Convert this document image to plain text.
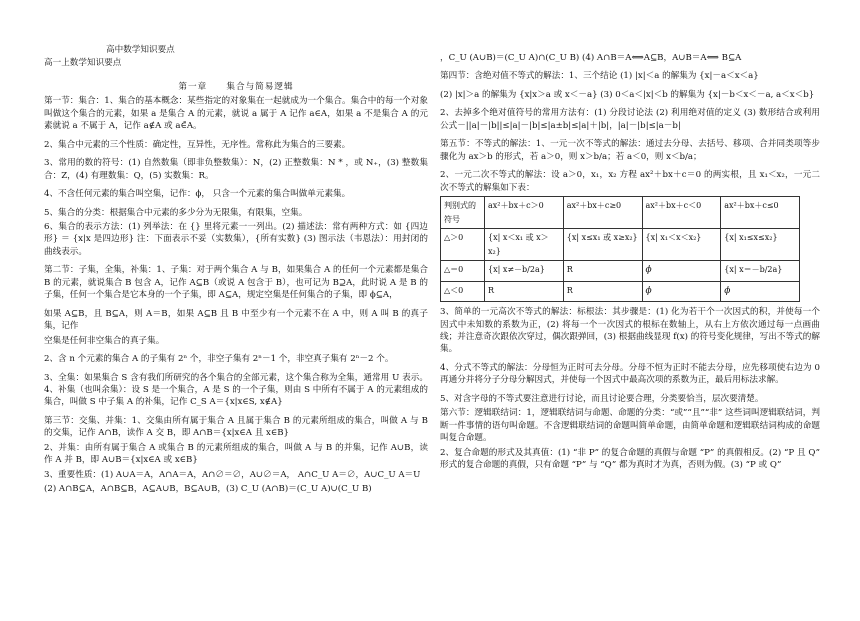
高中数学知识要点
高一上数学知识要点
第一章　　集合与简易逻辑

第一节：集合：1、集合的基本概念：某些指定的对象集在一起就成为一个集合。集合中的每一个对象叫做这个集合的元素，如果 a 是集合 A 的元素，就说 a 属于 A 记作 a∈A，如果 a 不是集合 A 的元素就说 a 不属于 A，记作 a∉A 或 a∈̄A。

2、集合中元素的三个性质：确定性，互异性，无序性。常称此为集合的三要素。

3、常用的数的符号：(1) 自然数集（即非负整数集）：N，(2) 正整数集：N * ，或 N₊，(3) 整数集合：Z，(4) 有理数集：Q，(5) 实数集：R。

4、不含任何元素的集合叫空集，记作：ϕ， 只含一个元素的集合叫做单元素集。

5、集合的分类：根据集合中元素的多少分为无限集，有限集，空集。

6、集合的表示方法：(1) 列举法：在 {} 里将元素一一列出。(2) 描述法：常有两种方式：如 {四边形} ＝ {x|x 是四边形} 注：下面表示不妥（实数集），{所有实数} (3) 图示法（韦恩法）：用封闭的曲线表示。

第二节：子集，全集，补集：1、子集：对于两个集合 A 与 B，如果集合 A 的任何一个元素都是集合 B 的元素，就说集合 B 包含 A，记作 A⊆B（或说 A 包含于 B），也可记为 B⊇A，此时说 A 是 B 的子集，任何一个集合是它本身的一个子集，即 A⊆A，规定空集是任何集合的子集，即 ϕ⊆A，

如果 A⊆B，且 B⊆A，则 A＝B，如果 A⊆B 且 B 中至少有一个元素不在 A 中，则 A 叫 B 的真子集，记作

空集是任何非空集合的真子集。

2、含 n 个元素的集合 A 的子集有 2ⁿ 个，非空子集有 2ⁿ－1 个，非空真子集有 2ⁿ－2 个。

3、全集：如果集合 S 含有我们所研究的各个集合的全部元素，这个集合称为全集，通常用 U 表示。4、补集（也叫余集）：设 S 是一个集合，A 是 S 的一个子集，则由 S 中所有不属于 A 的元素组成的集合，叫做 S 中子集 A 的补集，记作 C_S A＝{x|x∈S, x∉A}

第三节：交集、并集：1、交集由所有属于集合 A 且属于集合 B 的元素所组成的集合，叫做 A 与 B 的交集，记作 A∩B，读作 A 交 B，即 A∩B＝{x|x∈A 且 x∈B}

2、并集：由所有属于集合 A 或集合 B 的元素所组成的集合，叫做 A 与 B 的并集，记作 A∪B，读作 A 并 B，即 A∪B＝{x|x∈A 或 x∈B}

3、重要性质：(1) A∪A＝A，A∩A＝A，A∩∅＝∅，A∪∅＝A， A∩C_U A＝∅，A∪C_U A＝U

(2) A∩B⊆A，A∩B⊆B，A⊆A∪B，B⊆A∪B，(3) C_U (A∩B)＝(C_U A)∪(C_U B)

，C_U (A∪B)＝(C_U A)∩(C_U B) (4) A∩B＝A⟺A⊆B，A∪B＝A⟺ B⊆A

第四节：含绝对值不等式的解法：1、三个结论 (1) |x|＜a 的解集为 {x|－a＜x＜a}

(2) |x|＞a 的解集为 {x|x＞a 或 x＜－a} (3) 0＜a＜|x|＜b 的解集为 {x|－b＜x＜－a, a＜x＜b}

2、去掉多个绝对值符号的常用方法有：(1) 分段讨论法 (2) 利用绝对值的定义 (3) 数形结合或利用公式－||a|－|b||≤|a|－|b|≤|a±b|≤|a|＋|b|，|a|－|b|≤|a－b|

第五节：不等式的解法：1、一元一次不等式的解法：通过去分母、去括号、移项、合并同类项等步骤化为 ax＞b 的形式，若 a＞0，则 x＞b/a；若 a＜0，则 x＜b/a；

2、一元二次不等式的解法：设 a＞0，x₁，x₂ 方程 ax²＋bx＋c＝0 的两实根，且 x₁＜x₂，一元二次不等式的解集如下表：

判别式的符号	ax²＋bx＋c＞0	ax²＋bx＋c≥0	ax²＋bx＋c＜0	ax²＋bx＋c≤0
△＞0	{x| x＜x₁ 或 x＞x₂}	{x| x≤x₁ 或 x≥x₂}	{x| x₁＜x＜x₂}	{x| x₁≤x≤x₂}
△＝0	{x| x≠－b/2a}	R	ϕ	{x| x＝－b/2a}
△＜0	R	R	ϕ	ϕ

3、简单的一元高次不等式的解法：标根法：其步骤是：(1) 化为若干个一次因式的积，并使每一个因式中未知数的系数为正，(2) 将每一个一次因式的根标在数轴上，从右上方依次通过每一点画曲线；并注意奇次跟依次穿过，偶次跟弹回，(3) 根据曲线显现 f(x) 的符号变化规律，写出不等式的解集。

4、分式不等式的解法：分母恒为正时可去分母。分母不恒为正时不能去分母，应先移项使右边为 0 再通分并将分子分母分解因式，并使每一个因式中最高次项的系数为正，最后用标法求解。

5、对含字母的不等式要注意进行讨论，而且讨论要合理，分类要恰当，层次要清楚。

第六节：逻辑联结词：1，逻辑联结词与命题、命题的分类：“或”“且”“非” 这些词叫逻辑联结词，判断一件事情的语句叫命题。不含逻辑联结词的命题叫简单命题，由简单命题和逻辑联结词构成的命题叫复合命题。

2、复合命题的形式及其真值：(1) “非 P” 的复合命题的真假与命题 “P” 的真假相反。(2) “P 且 Q” 形式的复合命题的真假，只有命题 “P” 与 “Q” 都为真时才为真，否则为假。(3) “P 或 Q”
